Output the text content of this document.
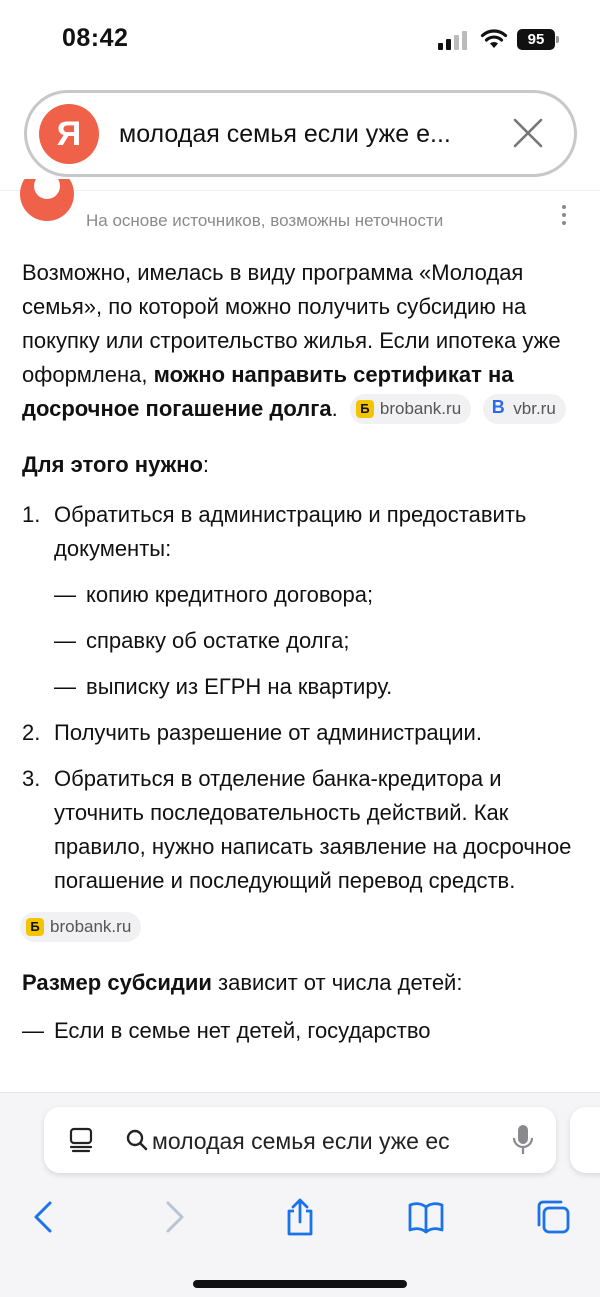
08:42	95
Я	молодая семья если уже е...
На основе источников, возможны неточности
Возможно, имелась в виду программа «Молодая семья», по которой можно получить субсидию на покупку или строительство жилья. Если ипотека уже оформлена, можно направить сертификат на досрочное погашение долга. Б brobank.ru B vbr.ru
Для этого нужно:
1. Обратиться в администрацию и предоставить документы:
— копию кредитного договора;
— справку об остатке долга;
— выписку из ЕГРН на квартиру.
2. Получить разрешение от администрации.
3. Обратиться в отделение банка-кредитора и уточнить последовательность действий. Как правило, нужно написать заявление на досрочное погашение и последующий перевод средств.
Б brobank.ru
Размер субсидии зависит от числа детей:
— Если в семье нет детей, государство
молодая семья если уже ес
